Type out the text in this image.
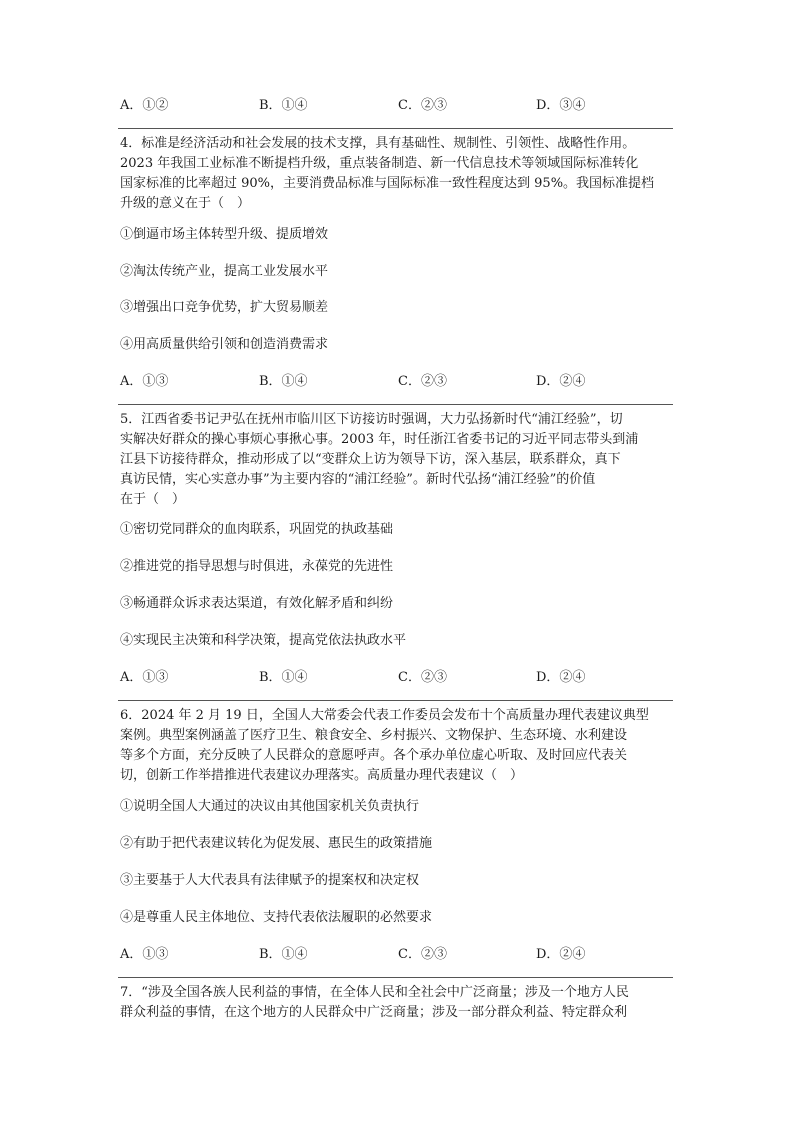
A．①②	B．①④	C．②③	D．③④
4．标准是经济活动和社会发展的技术支撑，具有基础性、规制性、引领性、战略性作用。
2023 年我国工业标准不断提档升级，重点装备制造、新一代信息技术等领域国际标准转化
国家标准的比率超过 90%，主要消费品标准与国际标准一致性程度达到 95%。我国标准提档
升级的意义在于（　）
①倒逼市场主体转型升级、提质增效
②淘汰传统产业，提高工业发展水平
③增强出口竞争优势，扩大贸易顺差
④用高质量供给引领和创造消费需求
A．①③	B．①④	C．②③	D．②④
5．江西省委书记尹弘在抚州市临川区下访接访时强调，大力弘扬新时代“浦江经验”，切
实解决好群众的操心事烦心事揪心事。2003 年，时任浙江省委书记的习近平同志带头到浦
江县下访接待群众，推动形成了以“变群众上访为领导下访，深入基层，联系群众，真下
真访民情，实心实意办事”为主要内容的“浦江经验”。新时代弘扬“浦江经验”的价值
在于（　）
①密切党同群众的血肉联系，巩固党的执政基础
②推进党的指导思想与时俱进，永葆党的先进性
③畅通群众诉求表达渠道，有效化解矛盾和纠纷
④实现民主决策和科学决策，提高党依法执政水平
A．①③	B．①④	C．②③	D．②④
6．2024 年 2 月 19 日，全国人大常委会代表工作委员会发布十个高质量办理代表建议典型
案例。典型案例涵盖了医疗卫生、粮食安全、乡村振兴、文物保护、生态环境、水利建设
等多个方面，充分反映了人民群众的意愿呼声。各个承办单位虚心听取、及时回应代表关
切，创新工作举措推进代表建议办理落实。高质量办理代表建议（　）
①说明全国人大通过的决议由其他国家机关负责执行
②有助于把代表建议转化为促发展、惠民生的政策措施
③主要基于人大代表具有法律赋予的提案权和决定权
④是尊重人民主体地位、支持代表依法履职的必然要求
A．①③	B．①④	C．②③	D．②④
7．“涉及全国各族人民利益的事情，在全体人民和全社会中广泛商量；涉及一个地方人民
群众利益的事情，在这个地方的人民群众中广泛商量；涉及一部分群众利益、特定群众利
